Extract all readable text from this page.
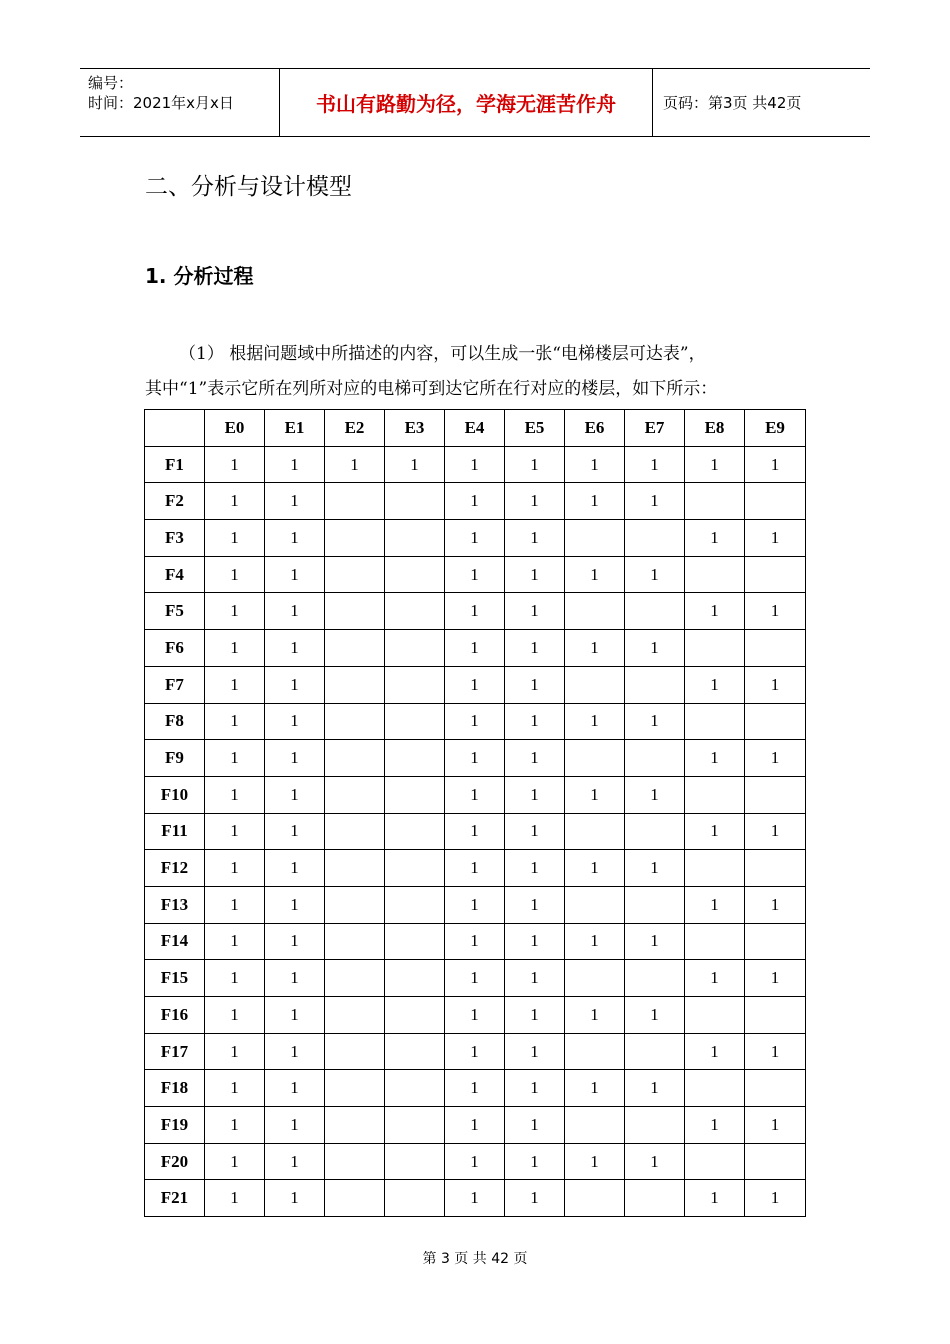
编号：
时间：2021年x月x日	书山有路勤为径，学海无涯苦作舟	页码：第3页 共42页
二、分析与设计模型
1. 分析过程
（1） 根据问题域中所描述的内容，可以生成一张“电梯楼层可达表”，
其中“1”表示它所在列所对应的电梯可到达它所在行对应的楼层，如下所示：
	E0	E1	E2	E3	E4	E5	E6	E7	E8	E9
F1	1	1	1	1	1	1	1	1	1	1
F2	1	1			1	1	1	1		
F3	1	1			1	1			1	1
F4	1	1			1	1	1	1		
F5	1	1			1	1			1	1
F6	1	1			1	1	1	1		
F7	1	1			1	1			1	1
F8	1	1			1	1	1	1		
F9	1	1			1	1			1	1
F10	1	1			1	1	1	1		
F11	1	1			1	1			1	1
F12	1	1			1	1	1	1		
F13	1	1			1	1			1	1
F14	1	1			1	1	1	1		
F15	1	1			1	1			1	1
F16	1	1			1	1	1	1		
F17	1	1			1	1			1	1
F18	1	1			1	1	1	1		
F19	1	1			1	1			1	1
F20	1	1			1	1	1	1		
F21	1	1			1	1			1	1
第 3 页 共 42 页
